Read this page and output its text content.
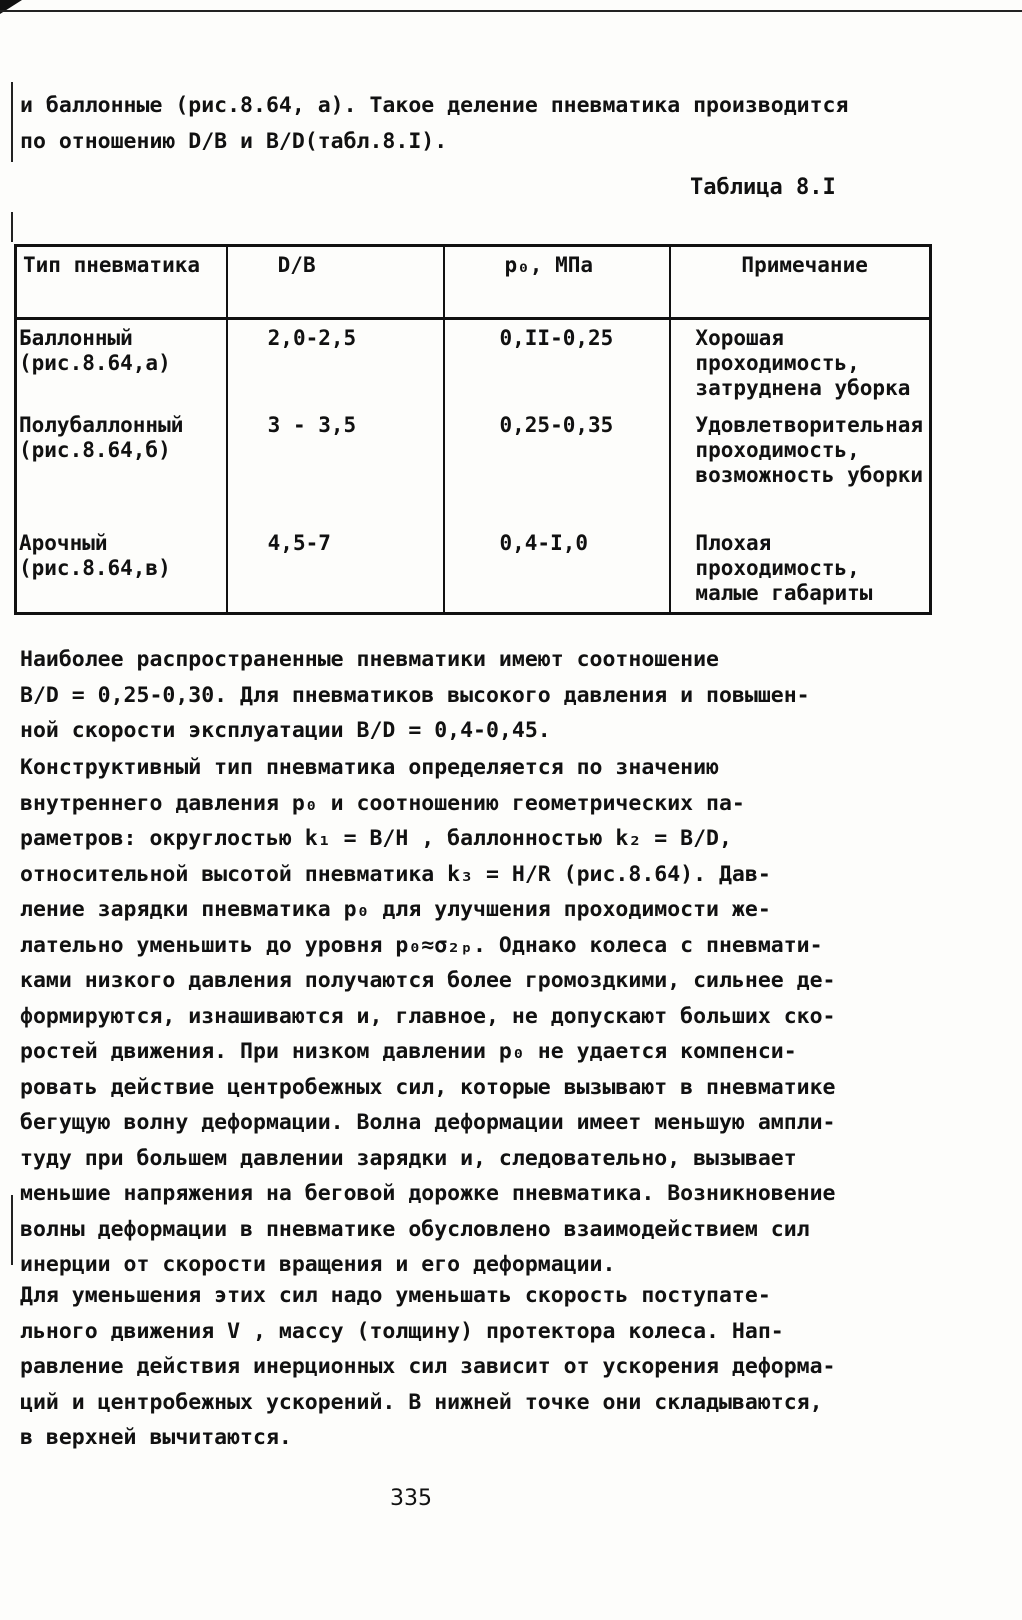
и баллонные (рис.8.64, а). Такое деление пневматика производится
по отношению D/B и B/D(табл.8.I).
Таблица 8.I
Тип пневматика	D/B	p₀, МПа	Примечание
Баллонный (рис.8.64,а)	2,0-2,5	0,II-0,25	Хорошая проходимость, затруднена уборка
Полубаллонный (рис.8.64,б)	3 - 3,5	0,25-0,35	Удовлетворительная проходимость, возможность уборки
Арочный (рис.8.64,в)	4,5-7	0,4-I,0	Плохая проходимость, малые габариты
Наиболее распространенные пневматики имеют соотношение
B/D = 0,25-0,30. Для пневматиков высокого давления и повышен-
ной скорости эксплуатации B/D = 0,4-0,45.
Конструктивный тип пневматика определяется по значению
внутреннего давления p₀ и соотношению геометрических па-
раметров: округлостью k₁ = B/H , баллонностью k₂ = B/D,
относительной высотой пневматика k₃ = H/R (рис.8.64). Дав-
ление зарядки пневматика p₀ для улучшения проходимости же-
лательно уменьшить до уровня p₀≈σ₂ₚ. Однако колеса с пневмати-
ками низкого давления получаются более громоздкими, сильнее де-
формируются, изнашиваются и, главное, не допускают больших ско-
ростей движения. При низком давлении p₀ не удается компенси-
ровать действие центробежных сил, которые вызывают в пневматике
бегущую волну деформации. Волна деформации имеет меньшую ампли-
туду при большем давлении зарядки и, следовательно, вызывает
меньшие напряжения на беговой дорожке пневматика. Возникновение
волны деформации в пневматике обусловлено взаимодействием сил
инерции от скорости вращения и его деформации.
Для уменьшения этих сил надо уменьшать скорость поступате-
льного движения V , массу (толщину) протектора колеса. Нап-
равление действия инерционных сил зависит от ускорения деформа-
ций и центробежных ускорений. В нижней точке они складываются,
в верхней вычитаются.
335
